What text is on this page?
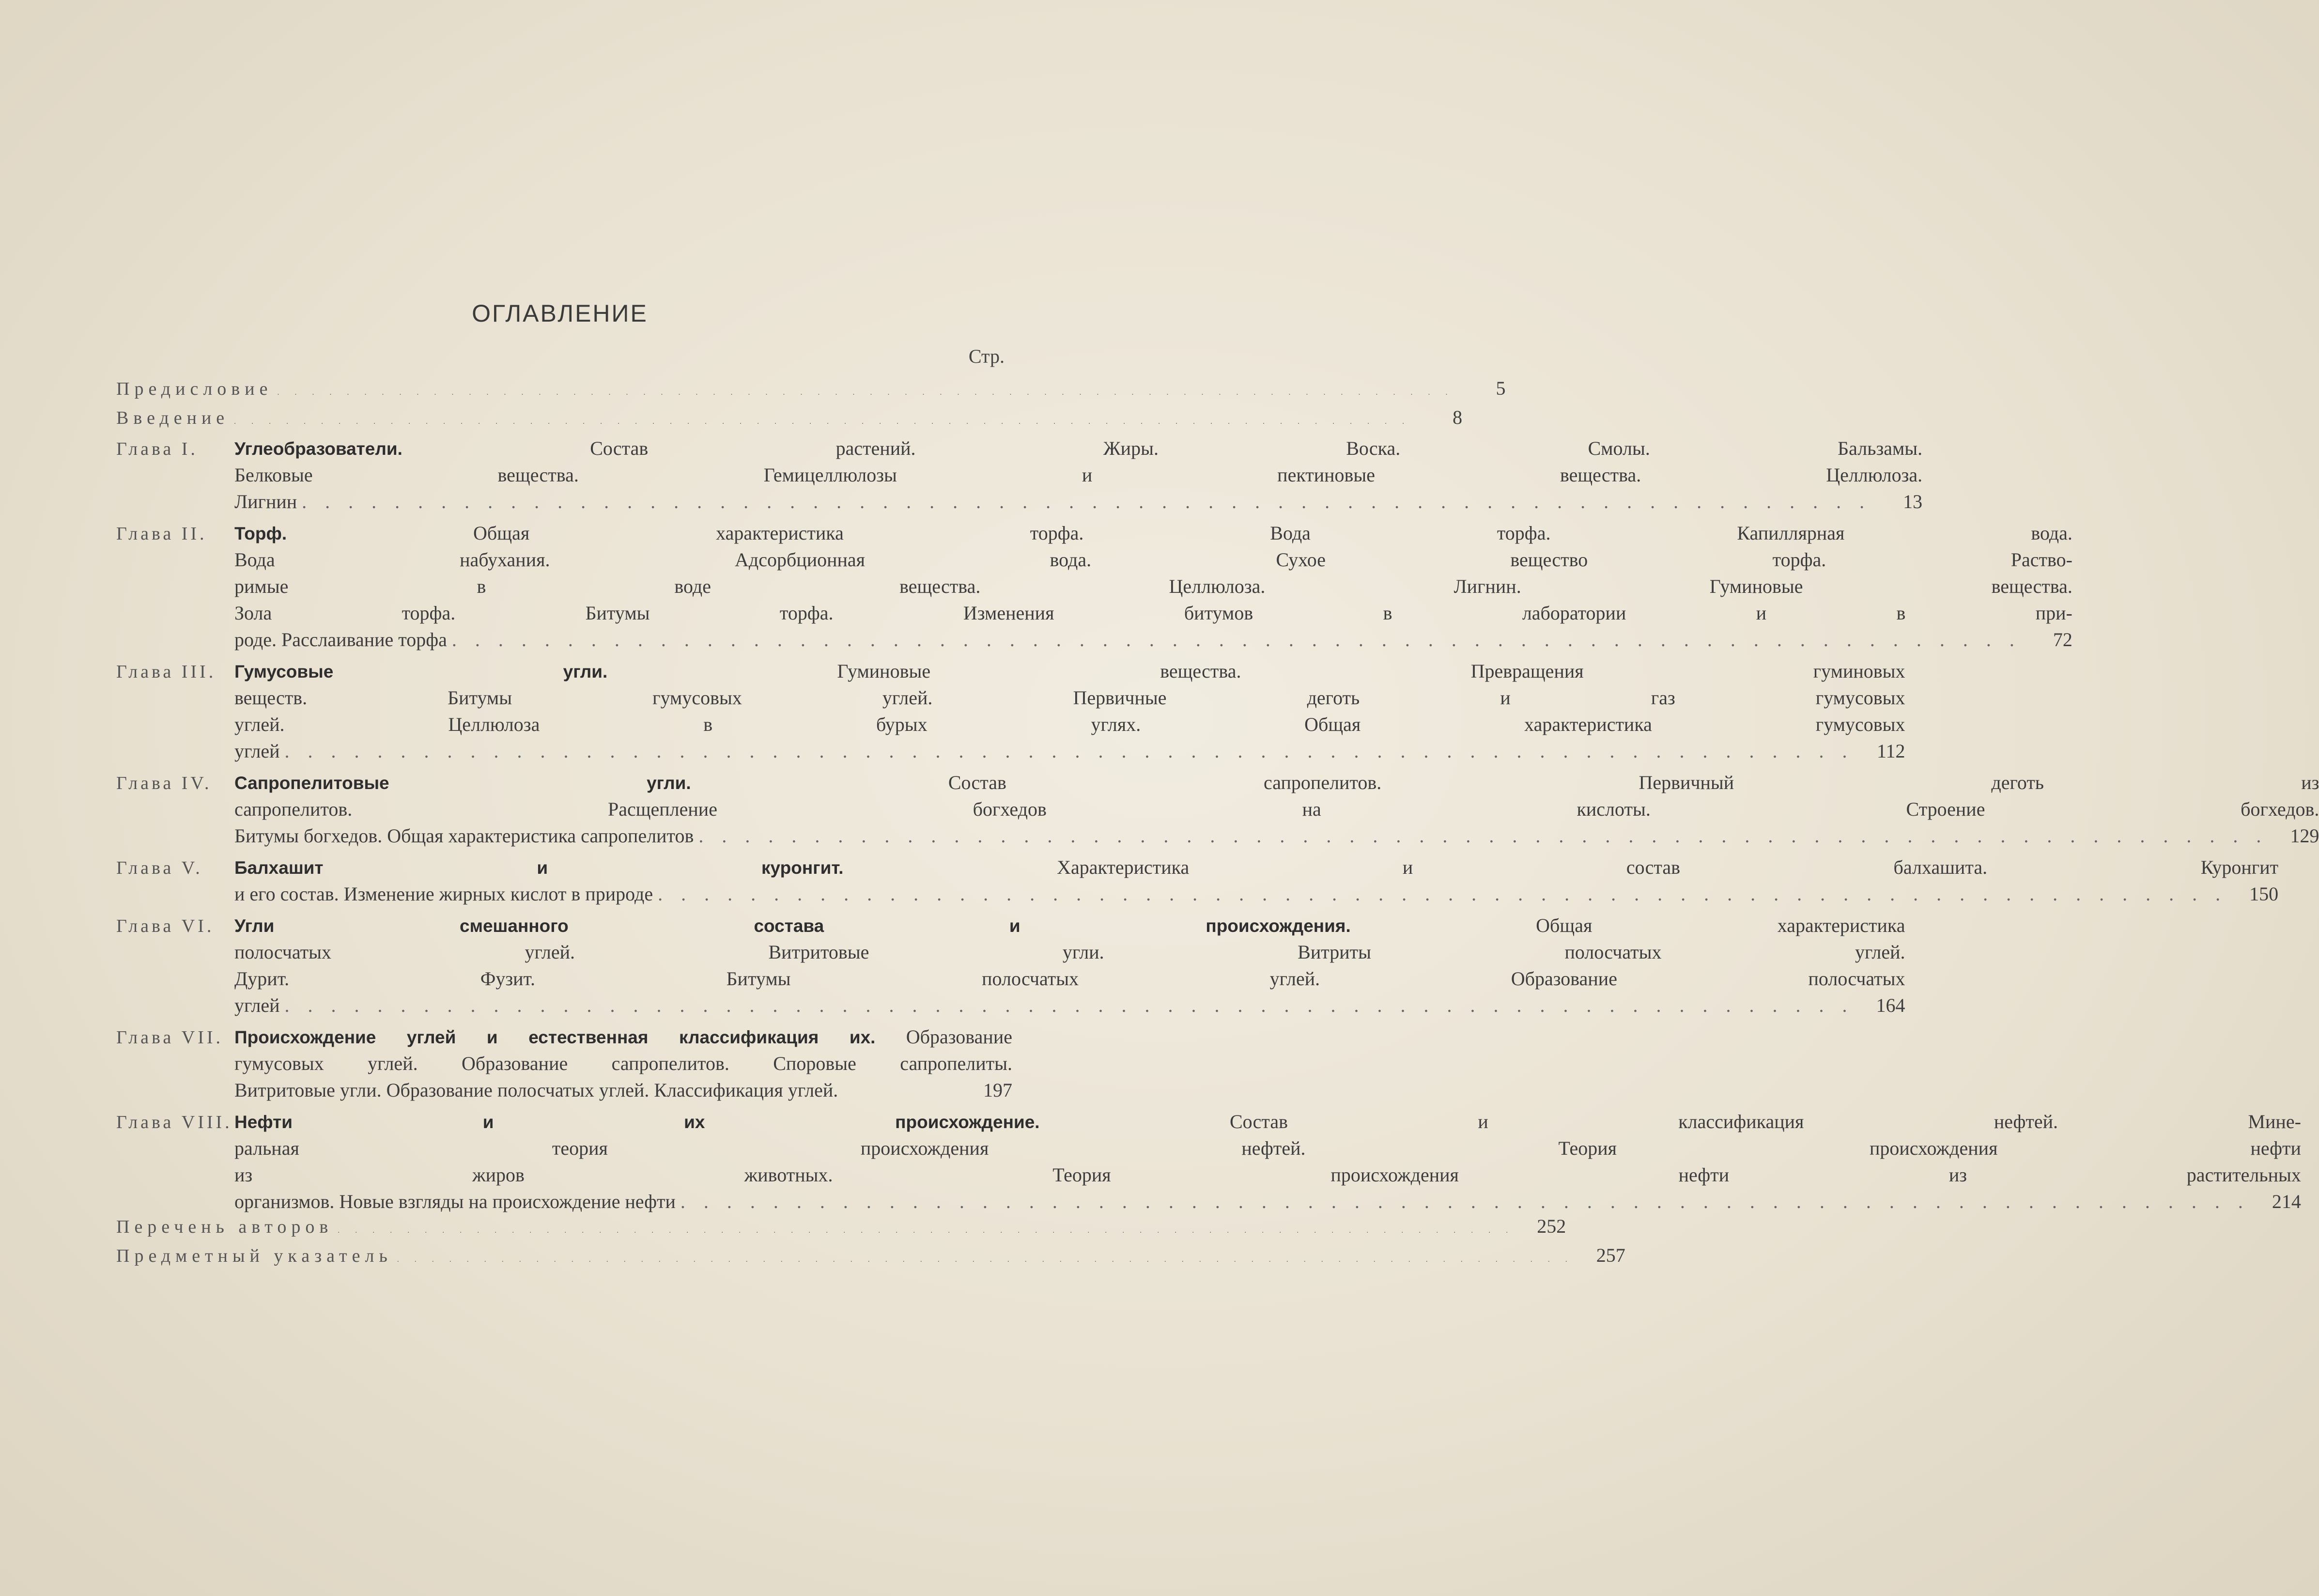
ОГЛАВЛЕНИЕ
Стр.
Предисловие . . . . . . . . . . . . . . . . . . . . . . . . . . . . . . . . . . . . . . . . . . . . . . . . . . . . . . . . . . . . . . . . . . . .	5
Введение . . . . . . . . . . . . . . . . . . . . . . . . . . . . . . . . . . . . . . . . . . . . . . . . . . . . . . . . . . . . . . . . . . . .	8
Глава I.	Углеобразователи.	Состав растений. Жиры. Воска. Смолы. Бальзамы.
Белковые вещества. Гемицеллюлозы и пектиновые вещества. Целлюлоза.
Лигнин . . . . . . . . . . . . . . . . . . . . . . . . . . . . . . . . . . . . . . . . . . . . . . . . . . . . . . . . . . . . . . . . . . . .	13
Глава II.	Торф.	Общая характеристика торфа. Вода торфа. Капиллярная вода.
Вода набухания. Адсорбционная вода. Сухое вещество торфа. Раство-
римые в воде вещества. Целлюлоза. Лигнин. Гуминовые вещества.
Зола торфа. Битумы торфа. Изменения битумов в лаборатории и в при-
роде. Расслаивание торфа . . . . . . . . . . . . . . . . . . . . . . . . . . . . . . . . . . . . . . . . . . . . . . . . . . . . . . . . . . . . . . . . . . . .	72
Глава III.	Гумусовые угли.	Гуминовые вещества. Превращения гуминовых
веществ. Битумы гумусовых углей. Первичные деготь и газ гумусовых
углей. Целлюлоза в бурых углях. Общая характеристика гумусовых
углей . . . . . . . . . . . . . . . . . . . . . . . . . . . . . . . . . . . . . . . . . . . . . . . . . . . . . . . . . . . . . . . . . . . .	112
Глава IV.	Сапропелитовые угли.	Состав сапропелитов. Первичный деготь из
сапропелитов. Расщепление богхедов на кислоты. Строение богхедов.
Битумы богхедов. Общая характеристика сапропелитов . . . . . . . . . . . . . . . . . . . . . . . . . . . . . . . . . . . . . . . . . . . . . . . . . . . . . . . . . . . . . . . . . . . .	129
Глава V.	Балхашит и куронгит.	Характеристика и состав балхашита. Куронгит
и его состав. Изменение жирных кислот в природе . . . . . . . . . . . . . . . . . . . . . . . . . . . . . . . . . . . . . . . . . . . . . . . . . . . . . . . . . . . . . . . . . . . .	150
Глава VI.	Угли смешанного состава и происхождения.	Общая характеристика
полосчатых углей. Витритовые угли. Витриты полосчатых углей.
Дурит. Фузит. Битумы полосчатых углей. Образование полосчатых
углей . . . . . . . . . . . . . . . . . . . . . . . . . . . . . . . . . . . . . . . . . . . . . . . . . . . . . . . . . . . . . . . . . . . .	164
Глава VII. Происхождение углей и естественная классификация их. Образование
гумусовых углей. Образование сапропелитов. Споровые сапропелиты.
Витритовые угли. Образование полосчатых углей. Классификация углей.	197
Глава VIII. Нефти и их происхождение.	Состав и классификация нефтей. Мине-
ральная теория происхождения нефтей. Теория происхождения нефти
из жиров животных. Теория происхождения нефти из растительных
организмов. Новые взгляды на происхождение нефти . . . . . . . . . . . . . . . . . . . . . . . . . . . . . . . . . . . . . . . . . . . . . . . . . . . . . . . . . . . . . . . . . . . .	214
Перечень авторов . . . . . . . . . . . . . . . . . . . . . . . . . . . . . . . . . . . . . . . . . . . . . . . . . . . . . . . . . . . . . . . . . . . .	252
Предметный указатель . . . . . . . . . . . . . . . . . . . . . . . . . . . . . . . . . . . . . . . . . . . . . . . . . . . . . . . . . . . . . . . . . . . .	257
